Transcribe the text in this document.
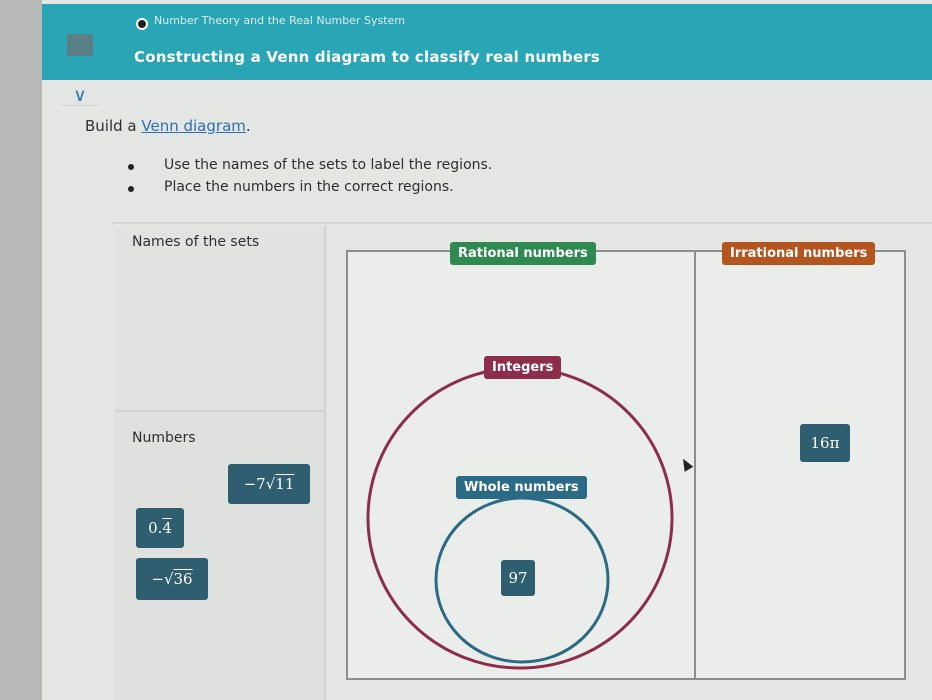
Number Theory and the Real Number System
Constructing a Venn diagram to classify real numbers
∨
Build a Venn diagram.
Use the names of the sets to label the regions.
Place the numbers in the correct regions.
Names of the sets
Numbers
−7 √ 11
0. 4
− √ 36
Rational numbers	Irrational numbers
Integers
Whole numbers
97
16π
